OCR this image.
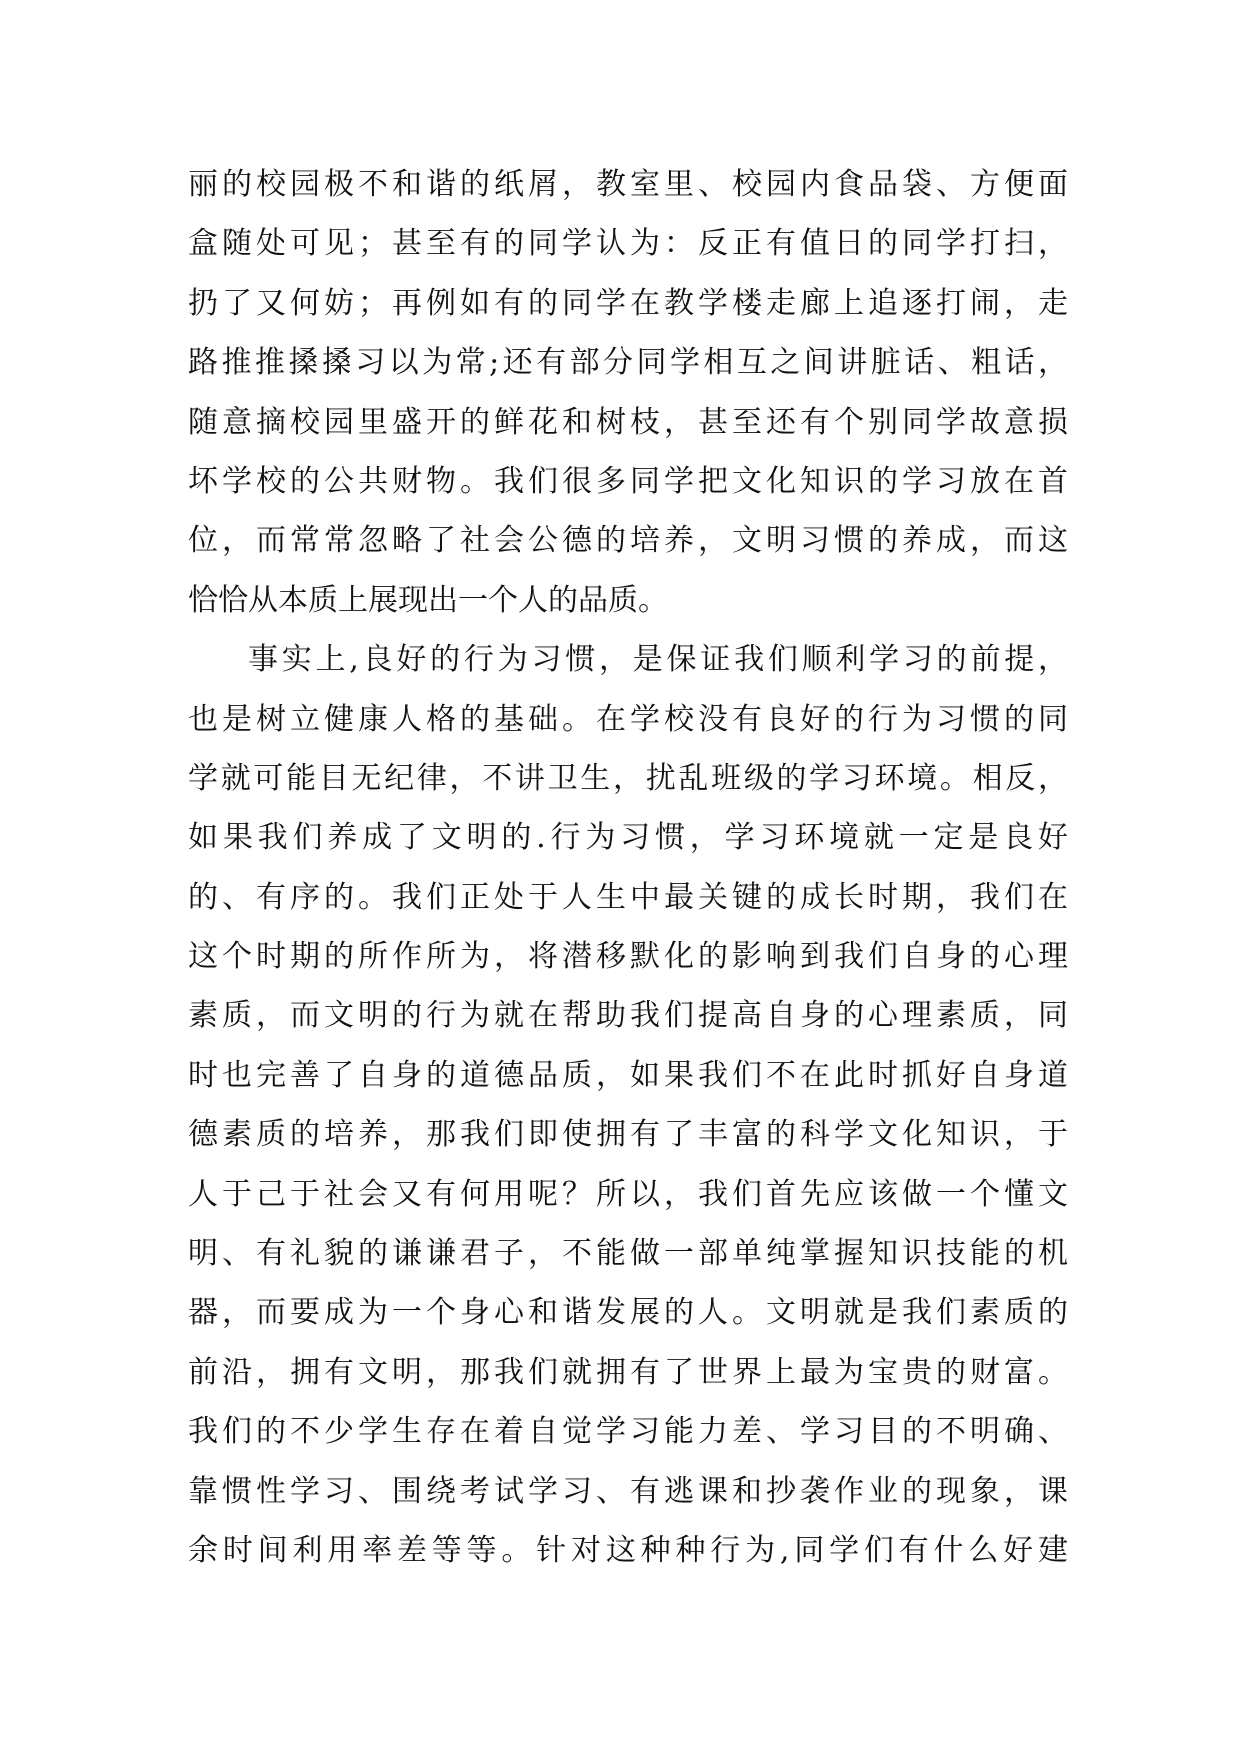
丽的校园极不和谐的纸屑，教室里、校园内食品袋、方便面
盒随处可见；甚至有的同学认为：反正有值日的同学打扫，
扔了又何妨；再例如有的同学在教学楼走廊上追逐打闹，走
路推推搡搡习以为常;还有部分同学相互之间讲脏话、粗话，
随意摘校园里盛开的鲜花和树枝，甚至还有个别同学故意损
坏学校的公共财物。我们很多同学把文化知识的学习放在首
位，而常常忽略了社会公德的培养，文明习惯的养成，而这
恰恰从本质上展现出一个人的品质。
事实上,良好的行为习惯，是保证我们顺利学习的前提，
也是树立健康人格的基础。在学校没有良好的行为习惯的同
学就可能目无纪律，不讲卫生，扰乱班级的学习环境。相反，
如果我们养成了文明的.行为习惯，学习环境就一定是良好
的、有序的。我们正处于人生中最关键的成长时期，我们在
这个时期的所作所为，将潜移默化的影响到我们自身的心理
素质，而文明的行为就在帮助我们提高自身的心理素质，同
时也完善了自身的道德品质，如果我们不在此时抓好自身道
德素质的培养，那我们即使拥有了丰富的科学文化知识，于
人于己于社会又有何用呢？所以，我们首先应该做一个懂文
明、有礼貌的谦谦君子，不能做一部单纯掌握知识技能的机
器，而要成为一个身心和谐发展的人。文明就是我们素质的
前沿，拥有文明，那我们就拥有了世界上最为宝贵的财富。
我们的不少学生存在着自觉学习能力差、学习目的不明确、
靠惯性学习、围绕考试学习、有逃课和抄袭作业的现象，课
余时间利用率差等等。针对这种种行为,同学们有什么好建
